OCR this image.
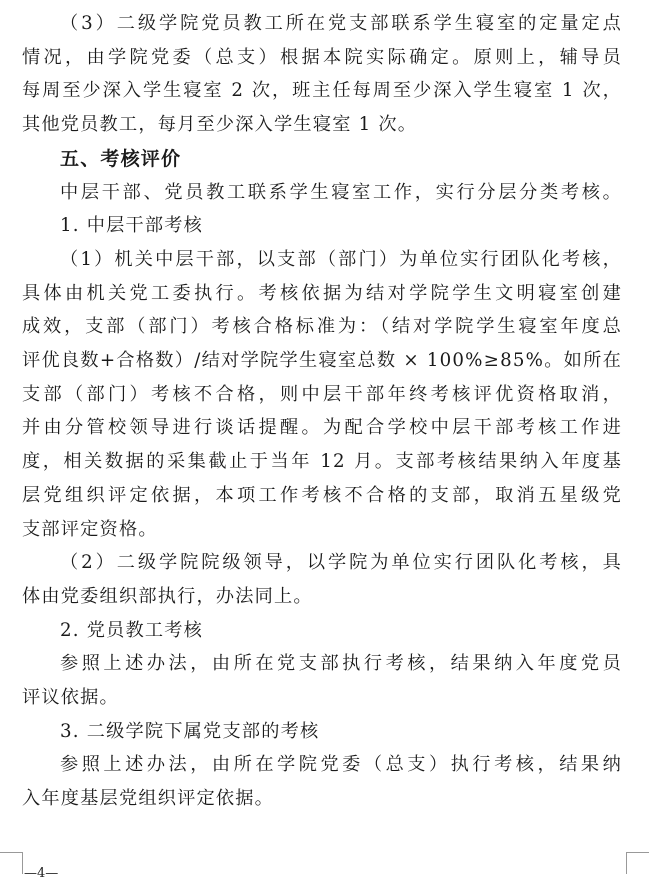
（3）二级学院党员教工所在党支部联系学生寝室的定量定点
情况，由学院党委（总支）根据本院实际确定。原则上，辅导员
每周至少深入学生寝室 2 次，班主任每周至少深入学生寝室 1 次，
其他党员教工，每月至少深入学生寝室 1 次。
五、考核评价
中层干部、党员教工联系学生寝室工作，实行分层分类考核。
1. 中层干部考核
（1）机关中层干部，以支部（部门）为单位实行团队化考核，
具体由机关党工委执行。考核依据为结对学院学生文明寝室创建
成效，支部（部门）考核合格标准为：（结对学院学生寝室年度总
评优良数+合格数）/结对学院学生寝室总数 × 100%≥85%。如所在
支部（部门）考核不合格，则中层干部年终考核评优资格取消，
并由分管校领导进行谈话提醒。为配合学校中层干部考核工作进
度，相关数据的采集截止于当年 12 月。支部考核结果纳入年度基
层党组织评定依据，本项工作考核不合格的支部，取消五星级党
支部评定资格。
（2）二级学院院级领导，以学院为单位实行团队化考核，具
体由党委组织部执行，办法同上。
2. 党员教工考核
参照上述办法，由所在党支部执行考核，结果纳入年度党员
评议依据。
3. 二级学院下属党支部的考核
参照上述办法，由所在学院党委（总支）执行考核，结果纳
入年度基层党组织评定依据。
—4—
